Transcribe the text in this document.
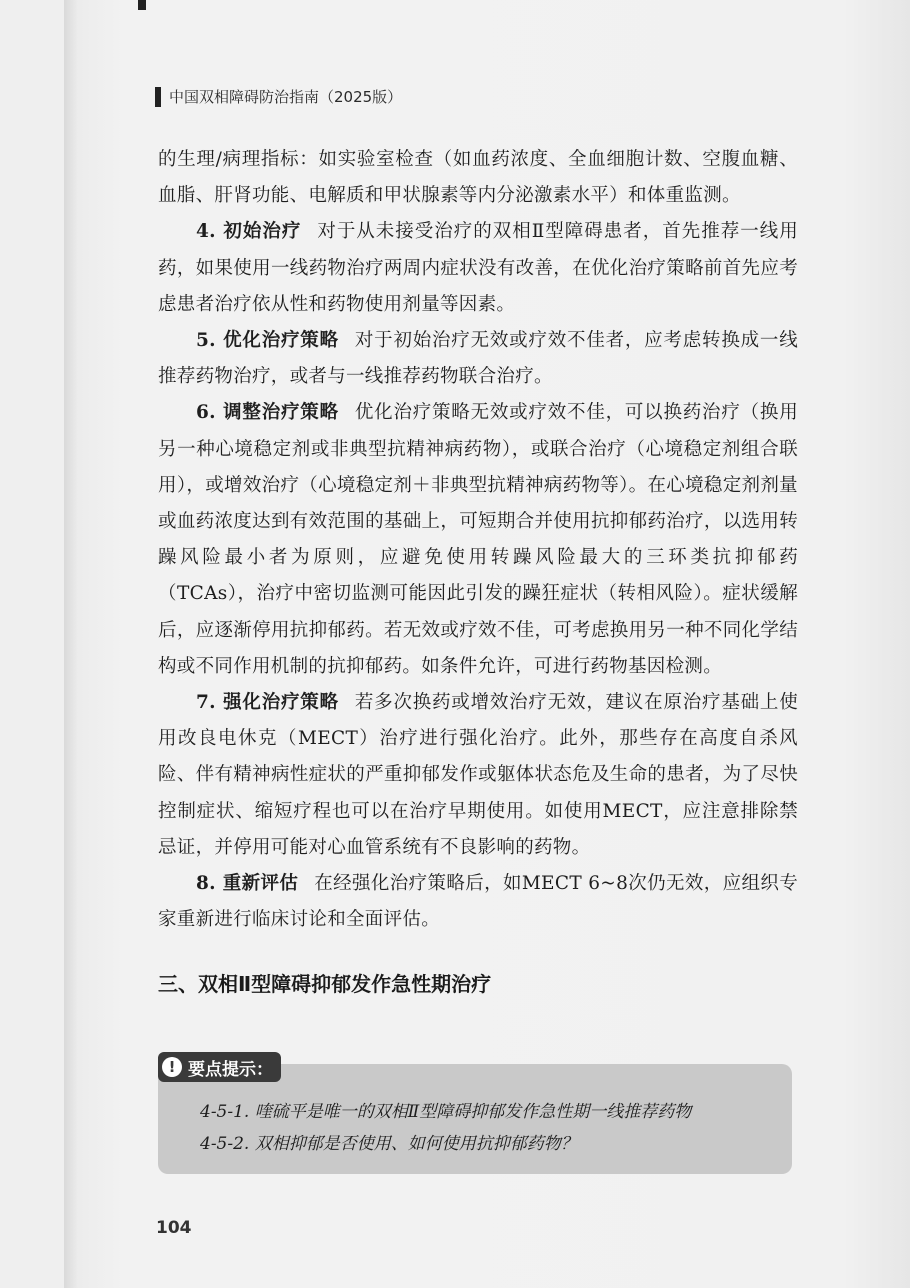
中国双相障碍防治指南（2025版）

的生理/病理指标：如实验室检查（如血药浓度、全血细胞计数、空腹血糖、血脂、肝肾功能、电解质和甲状腺素等内分泌激素水平）和体重监测。

4. 初始治疗 对于从未接受治疗的双相Ⅱ型障碍患者，首先推荐一线用药，如果使用一线药物治疗两周内症状没有改善，在优化治疗策略前首先应考虑患者治疗依从性和药物使用剂量等因素。

5. 优化治疗策略 对于初始治疗无效或疗效不佳者，应考虑转换成一线推荐药物治疗，或者与一线推荐药物联合治疗。

6. 调整治疗策略 优化治疗策略无效或疗效不佳，可以换药治疗（换用另一种心境稳定剂或非典型抗精神病药物），或联合治疗（心境稳定剂组合联用），或增效治疗（心境稳定剂＋非典型抗精神病药物等）。在心境稳定剂剂量或血药浓度达到有效范围的基础上，可短期合并使用抗抑郁药治疗，以选用转躁风险最小者为原则，应避免使用转躁风险最大的三环类抗抑郁药（TCAs），治疗中密切监测可能因此引发的躁狂症状（转相风险）。症状缓解后，应逐渐停用抗抑郁药。若无效或疗效不佳，可考虑换用另一种不同化学结构或不同作用机制的抗抑郁药。如条件允许，可进行药物基因检测。

7. 强化治疗策略 若多次换药或增效治疗无效，建议在原治疗基础上使用改良电休克（MECT）治疗进行强化治疗。此外，那些存在高度自杀风险、伴有精神病性症状的严重抑郁发作或躯体状态危及生命的患者，为了尽快控制症状、缩短疗程也可以在治疗早期使用。如使用MECT，应注意排除禁忌证，并停用可能对心血管系统有不良影响的药物。

8. 重新评估 在经强化治疗策略后，如MECT 6~8次仍无效，应组织专家重新进行临床讨论和全面评估。

三、双相Ⅱ型障碍抑郁发作急性期治疗
! 要点提示：
4-5-1. 喹硫平是唯一的双相Ⅱ型障碍抑郁发作急性期一线推荐药物
4-5-2. 双相抑郁是否使用、如何使用抗抑郁药物？
104
